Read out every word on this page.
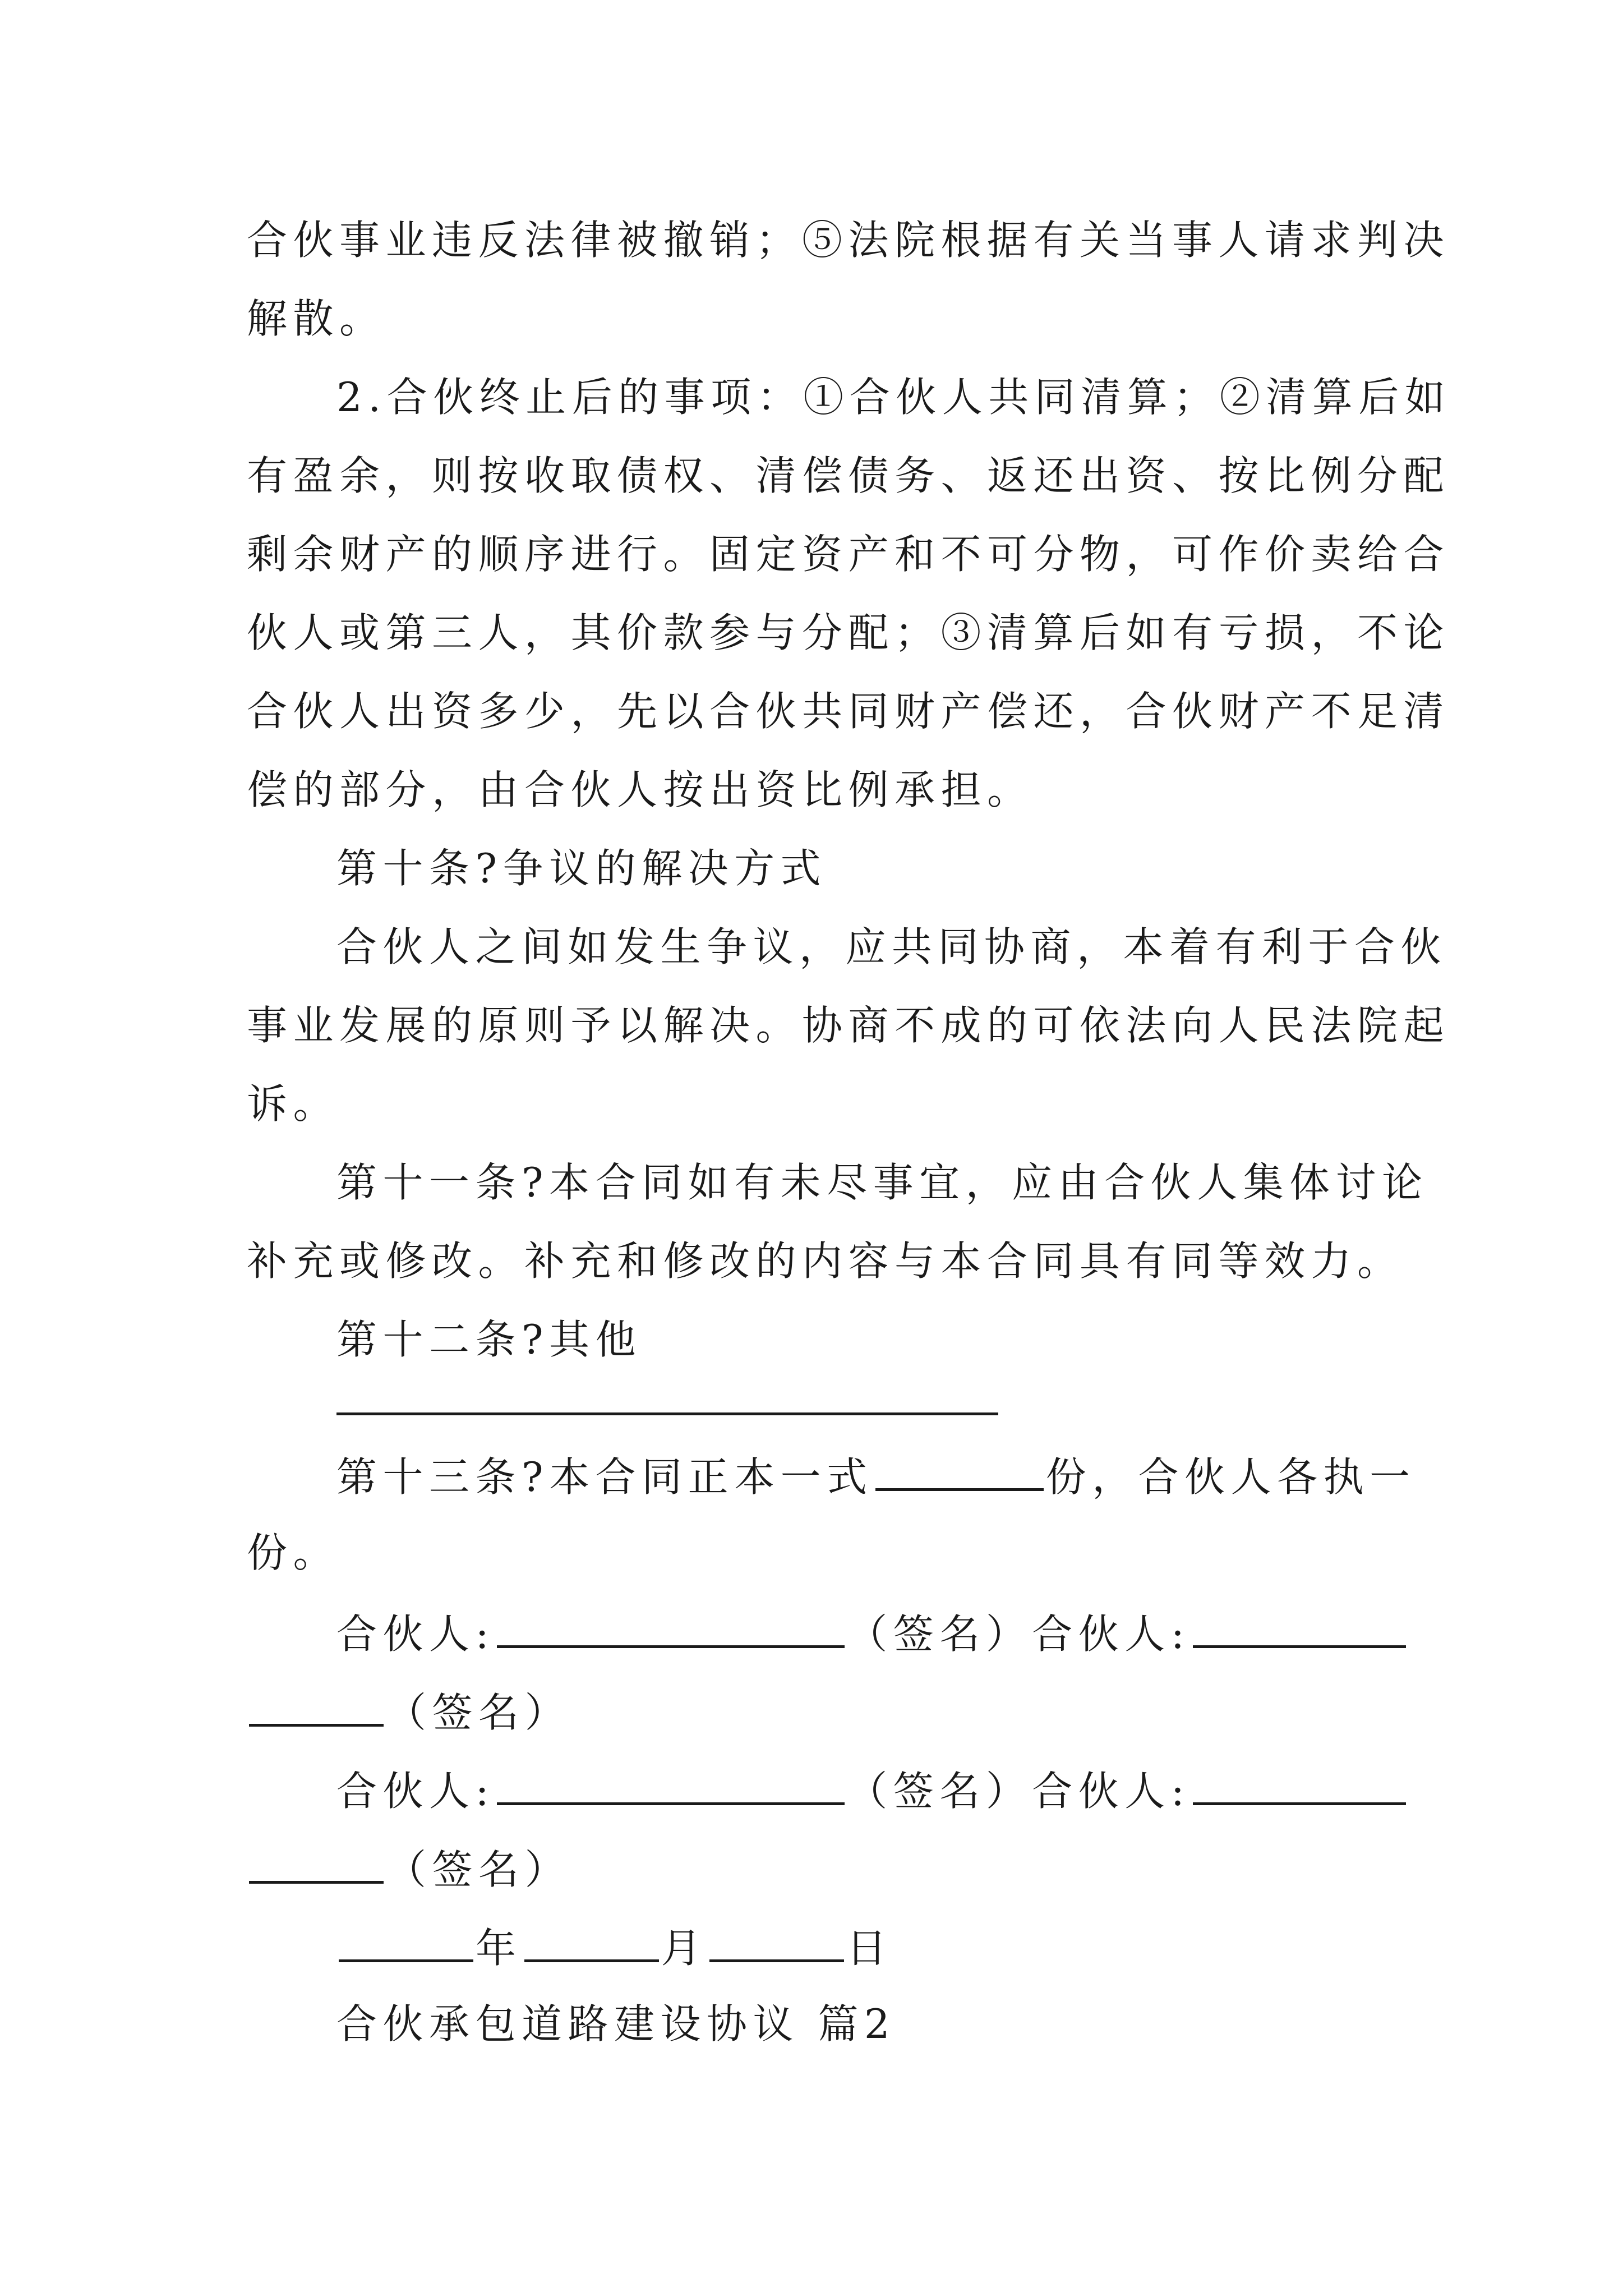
合伙事业违反法律被撤销；⑤法院根据有关当事人请求判决
解散。
2.合伙终止后的事项：①合伙人共同清算；②清算后如
有盈余，则按收取债权、清偿债务、返还出资、按比例分配
剩余财产的顺序进行。固定资产和不可分物，可作价卖给合
伙人或第三人，其价款参与分配；③清算后如有亏损，不论
合伙人出资多少，先以合伙共同财产偿还，合伙财产不足清
偿的部分，由合伙人按出资比例承担。
第十条?争议的解决方式
合伙人之间如发生争议，应共同协商，本着有利于合伙
事业发展的原则予以解决。协商不成的可依法向人民法院起
诉。
第十一条?本合同如有未尽事宜，应由合伙人集体讨论
补充或修改。补充和修改的内容与本合同具有同等效力。
第十二条?其他
第十三条?本合同正本一式	份，合伙人各执一
份。
合伙人:	（签名）合伙人:
（签名）
合伙人:	（签名）合伙人:
（签名）
年	月	日
合伙承包道路建设协议 篇2
